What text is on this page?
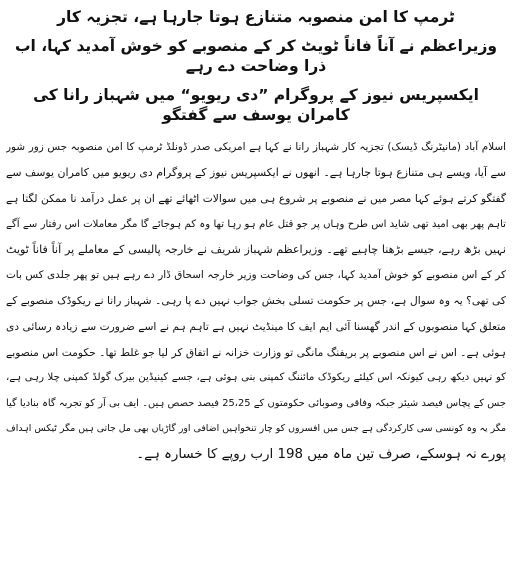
ٹرمپ کا امن منصوبہ متنازع ہوتا جارہا ہے، تجزیہ کار
وزیراعظم نے آناً فاناً ٹویٹ کر کے منصوبے کو خوش آمدید کہا، اب ذرا وضاحت دے رہے
ایکسپریس نیوز کے پروگرام ”دی ریویو“ میں شہباز رانا کی کامران یوسف سے گفتگو
اسلام آباد (مانیٹرنگ ڈیسک) تجزیہ کار شہباز رانا نے کہا ہے امریکی صدر ڈونلڈ ٹرمپ کا امن منصوبہ جس زور شور
سے آیا، ویسے ہی متنازع ہوتا جارہا ہے۔ انھوں نے ایکسپریس نیوز کے پروگرام دی ریویو میں کامران یوسف سے
گفتگو کرتے ہوئے کہا مصر میں نے منصوبے پر شروع ہی میں سوالات اٹھائے تھے ان پر عمل درآمد نا ممکن لگتا ہے
تاہم پھر بھی امید تھی شاید اس طرح وہاں پر جو قتل عام ہو رہا تھا وہ کم ہوجائے گا مگر معاملات اس رفتار سے آگے
نہیں بڑھ رہے، جیسے بڑھنا چاہیے تھے۔ وزیراعظم شہباز شریف نے خارجہ پالیسی کے معاملے پر آناً فاناً ٹویٹ
کر کے اس منصوبے کو خوش آمدید کہا، جس کی وضاحت وزیر خارجہ اسحاق ڈار دے رہے ہیں تو پھر جلدی کس بات
کی تھی؟ یہ وہ سوال ہے، جس پر حکومت تسلی بخش جواب نہیں دے پا رہی۔ شہباز رانا نے ریکوڈک منصوبے کے
متعلق کہا منصوبوں کے اندر گھسنا آئی ایم ایف کا مینڈیٹ نہیں ہے تاہم ہم نے اسے ضرورت سے زیادہ رسائی دی
ہوئی ہے۔ اس نے اس منصوبے پر بریفنگ مانگی تو وزارت خزانہ نے اتفاق کر لیا جو غلط تھا۔ حکومت اس منصوبے
کو نہیں دیکھ رہی کیونکہ اس کیلئے ریکوڈک مائننگ کمپنی بنی ہوئی ہے، جسے کینیڈین بیرک گولڈ کمپنی چلا رہی ہے،
جس کے پچاس فیصد شیئر جبکہ وفاقی وصوبائی حکومتوں کے 25،25 فیصد حصص ہیں۔ ایف بی آر کو تجربہ گاہ بنادیا گیا
مگر یہ وہ کونسی سی کارکردگی ہے جس میں افسروں کو چار تنخواہیں اضافی اور گاڑیاں بھی مل جاتی ہیں مگر ٹیکس اہداف
پورے نہ ہوسکے، صرف تین ماہ میں 198 ارب روپے کا خسارہ ہے۔
